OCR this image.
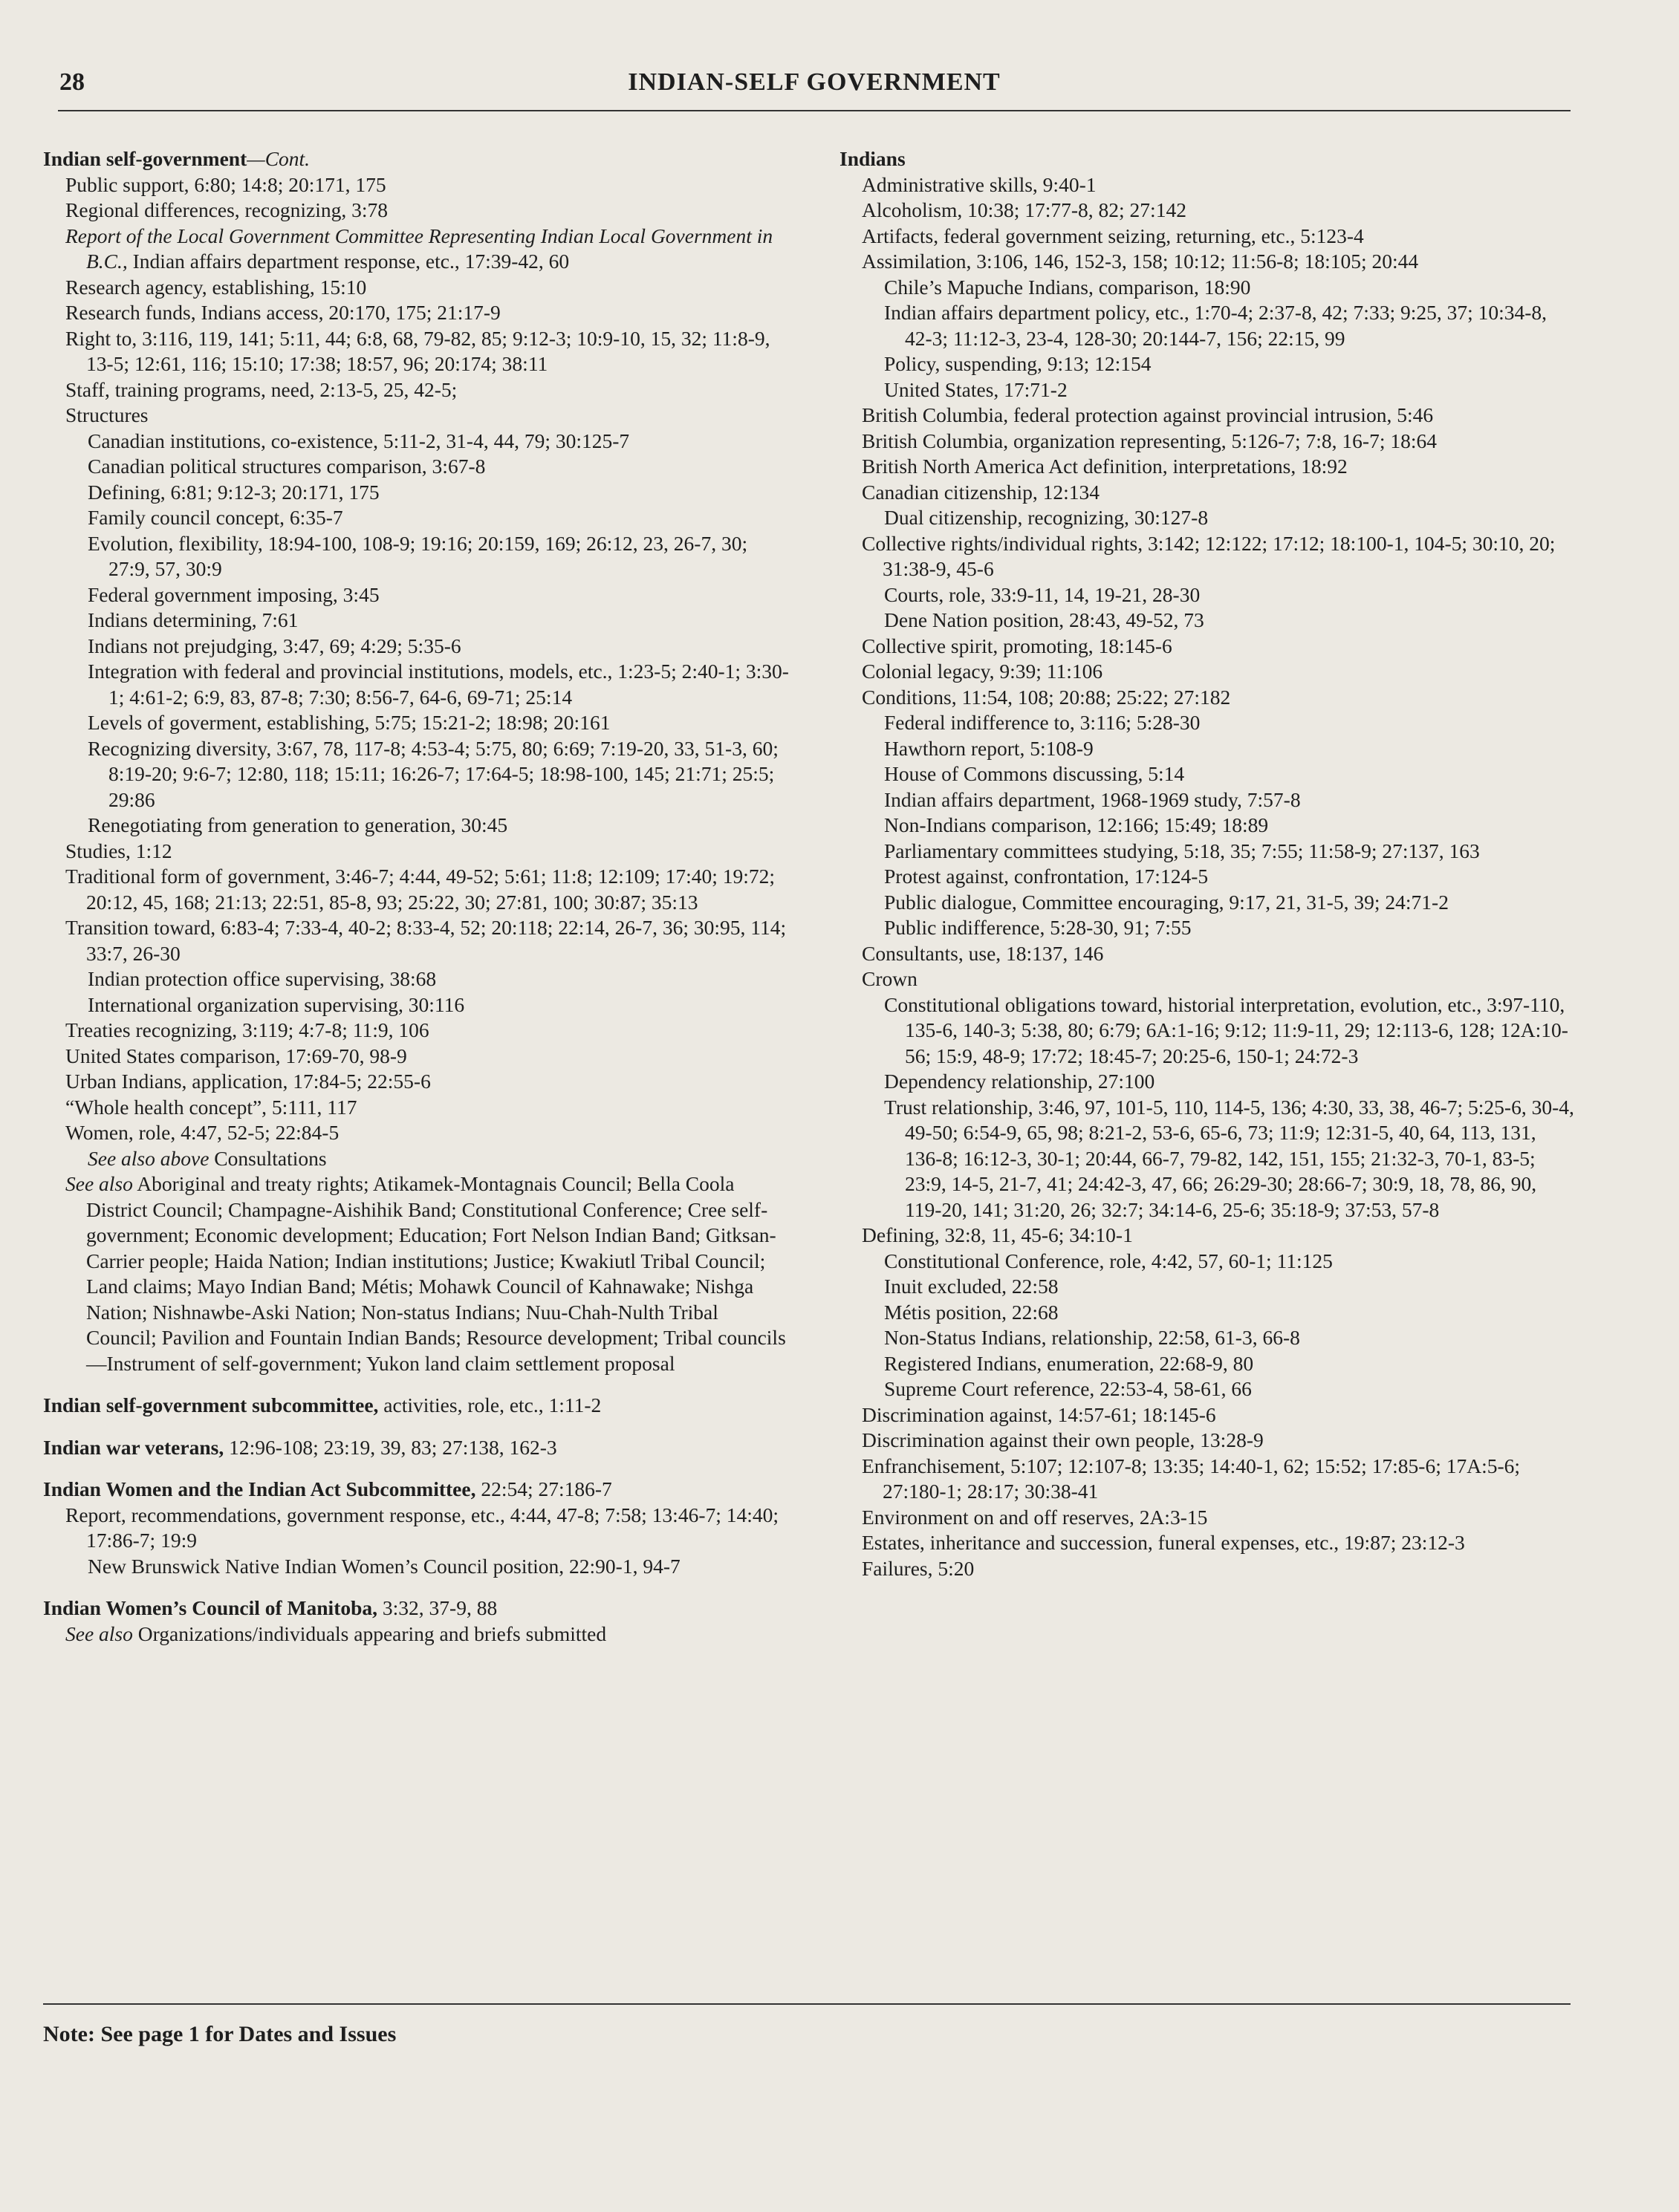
28	INDIAN-SELF GOVERNMENT
Indian self-government—Cont.
Public support, 6:80; 14:8; 20:171, 175
Regional differences, recognizing, 3:78
Report of the Local Government Committee Representing Indian Local Government in B.C., Indian affairs department response, etc., 17:39-42, 60
Research agency, establishing, 15:10
Research funds, Indians access, 20:170, 175; 21:17-9
Right to, 3:116, 119, 141; 5:11, 44; 6:8, 68, 79-82, 85; 9:12-3; 10:9-10, 15, 32; 11:8-9, 13-5; 12:61, 116; 15:10; 17:38; 18:57, 96; 20:174; 38:11
Staff, training programs, need, 2:13-5, 25, 42-5;
Structures
Canadian institutions, co-existence, 5:11-2, 31-4, 44, 79; 30:125-7
Canadian political structures comparison, 3:67-8
Defining, 6:81; 9:12-3; 20:171, 175
Family council concept, 6:35-7
Evolution, flexibility, 18:94-100, 108-9; 19:16; 20:159, 169; 26:12, 23, 26-7, 30; 27:9, 57, 30:9
Federal government imposing, 3:45
Indians determining, 7:61
Indians not prejudging, 3:47, 69; 4:29; 5:35-6
Integration with federal and provincial institutions, models, etc., 1:23-5; 2:40-1; 3:30-1; 4:61-2; 6:9, 83, 87-8; 7:30; 8:56-7, 64-6, 69-71; 25:14
Levels of goverment, establishing, 5:75; 15:21-2; 18:98; 20:161
Recognizing diversity, 3:67, 78, 117-8; 4:53-4; 5:75, 80; 6:69; 7:19-20, 33, 51-3, 60; 8:19-20; 9:6-7; 12:80, 118; 15:11; 16:26-7; 17:64-5; 18:98-100, 145; 21:71; 25:5; 29:86
Renegotiating from generation to generation, 30:45
Studies, 1:12
Traditional form of government, 3:46-7; 4:44, 49-52; 5:61; 11:8; 12:109; 17:40; 19:72; 20:12, 45, 168; 21:13; 22:51, 85-8, 93; 25:22, 30; 27:81, 100; 30:87; 35:13
Transition toward, 6:83-4; 7:33-4, 40-2; 8:33-4, 52; 20:118; 22:14, 26-7, 36; 30:95, 114; 33:7, 26-30
Indian protection office supervising, 38:68
International organization supervising, 30:116
Treaties recognizing, 3:119; 4:7-8; 11:9, 106
United States comparison, 17:69-70, 98-9
Urban Indians, application, 17:84-5; 22:55-6
“Whole health concept”, 5:111, 117
Women, role, 4:47, 52-5; 22:84-5
See also above Consultations
See also Aboriginal and treaty rights; Atikamek-Montagnais Council; Bella Coola District Council; Champagne-Aishihik Band; Constitutional Conference; Cree self-government; Economic development; Education; Fort Nelson Indian Band; Gitksan-Carrier people; Haida Nation; Indian institutions; Justice; Kwakiutl Tribal Council; Land claims; Mayo Indian Band; Métis; Mohawk Council of Kahnawake; Nishga Nation; Nishnawbe-Aski Nation; Non-status Indians; Nuu-Chah-Nulth Tribal Council; Pavilion and Fountain Indian Bands; Resource development; Tribal councils —Instrument of self-government; Yukon land claim settlement proposal
Indian self-government subcommittee, activities, role, etc., 1:11-2
Indian war veterans, 12:96-108; 23:19, 39, 83; 27:138, 162-3
Indian Women and the Indian Act Subcommittee, 22:54; 27:186-7
Report, recommendations, government response, etc., 4:44, 47-8; 7:58; 13:46-7; 14:40; 17:86-7; 19:9
New Brunswick Native Indian Women’s Council position, 22:90-1, 94-7
Indian Women’s Council of Manitoba, 3:32, 37-9, 88
See also Organizations/individuals appearing and briefs submitted
Indians
Administrative skills, 9:40-1
Alcoholism, 10:38; 17:77-8, 82; 27:142
Artifacts, federal government seizing, returning, etc., 5:123-4
Assimilation, 3:106, 146, 152-3, 158; 10:12; 11:56-8; 18:105; 20:44
Chile’s Mapuche Indians, comparison, 18:90
Indian affairs department policy, etc., 1:70-4; 2:37-8, 42; 7:33; 9:25, 37; 10:34-8, 42-3; 11:12-3, 23-4, 128-30; 20:144-7, 156; 22:15, 99
Policy, suspending, 9:13; 12:154
United States, 17:71-2
British Columbia, federal protection against provincial intrusion, 5:46
British Columbia, organization representing, 5:126-7; 7:8, 16-7; 18:64
British North America Act definition, interpretations, 18:92
Canadian citizenship, 12:134
Dual citizenship, recognizing, 30:127-8
Collective rights/individual rights, 3:142; 12:122; 17:12; 18:100-1, 104-5; 30:10, 20; 31:38-9, 45-6
Courts, role, 33:9-11, 14, 19-21, 28-30
Dene Nation position, 28:43, 49-52, 73
Collective spirit, promoting, 18:145-6
Colonial legacy, 9:39; 11:106
Conditions, 11:54, 108; 20:88; 25:22; 27:182
Federal indifference to, 3:116; 5:28-30
Hawthorn report, 5:108-9
House of Commons discussing, 5:14
Indian affairs department, 1968-1969 study, 7:57-8
Non-Indians comparison, 12:166; 15:49; 18:89
Parliamentary committees studying, 5:18, 35; 7:55; 11:58-9; 27:137, 163
Protest against, confrontation, 17:124-5
Public dialogue, Committee encouraging, 9:17, 21, 31-5, 39; 24:71-2
Public indifference, 5:28-30, 91; 7:55
Consultants, use, 18:137, 146
Crown
Constitutional obligations toward, historial interpretation, evolution, etc., 3:97-110, 135-6, 140-3; 5:38, 80; 6:79; 6A:1-16; 9:12; 11:9-11, 29; 12:113-6, 128; 12A:10-56; 15:9, 48-9; 17:72; 18:45-7; 20:25-6, 150-1; 24:72-3
Dependency relationship, 27:100
Trust relationship, 3:46, 97, 101-5, 110, 114-5, 136; 4:30, 33, 38, 46-7; 5:25-6, 30-4, 49-50; 6:54-9, 65, 98; 8:21-2, 53-6, 65-6, 73; 11:9; 12:31-5, 40, 64, 113, 131, 136-8; 16:12-3, 30-1; 20:44, 66-7, 79-82, 142, 151, 155; 21:32-3, 70-1, 83-5; 23:9, 14-5, 21-7, 41; 24:42-3, 47, 66; 26:29-30; 28:66-7; 30:9, 18, 78, 86, 90, 119-20, 141; 31:20, 26; 32:7; 34:14-6, 25-6; 35:18-9; 37:53, 57-8
Defining, 32:8, 11, 45-6; 34:10-1
Constitutional Conference, role, 4:42, 57, 60-1; 11:125
Inuit excluded, 22:58
Métis position, 22:68
Non-Status Indians, relationship, 22:58, 61-3, 66-8
Registered Indians, enumeration, 22:68-9, 80
Supreme Court reference, 22:53-4, 58-61, 66
Discrimination against, 14:57-61; 18:145-6
Discrimination against their own people, 13:28-9
Enfranchisement, 5:107; 12:107-8; 13:35; 14:40-1, 62; 15:52; 17:85-6; 17A:5-6; 27:180-1; 28:17; 30:38-41
Environment on and off reserves, 2A:3-15
Estates, inheritance and succession, funeral expenses, etc., 19:87; 23:12-3
Failures, 5:20
Note: See page 1 for Dates and Issues
